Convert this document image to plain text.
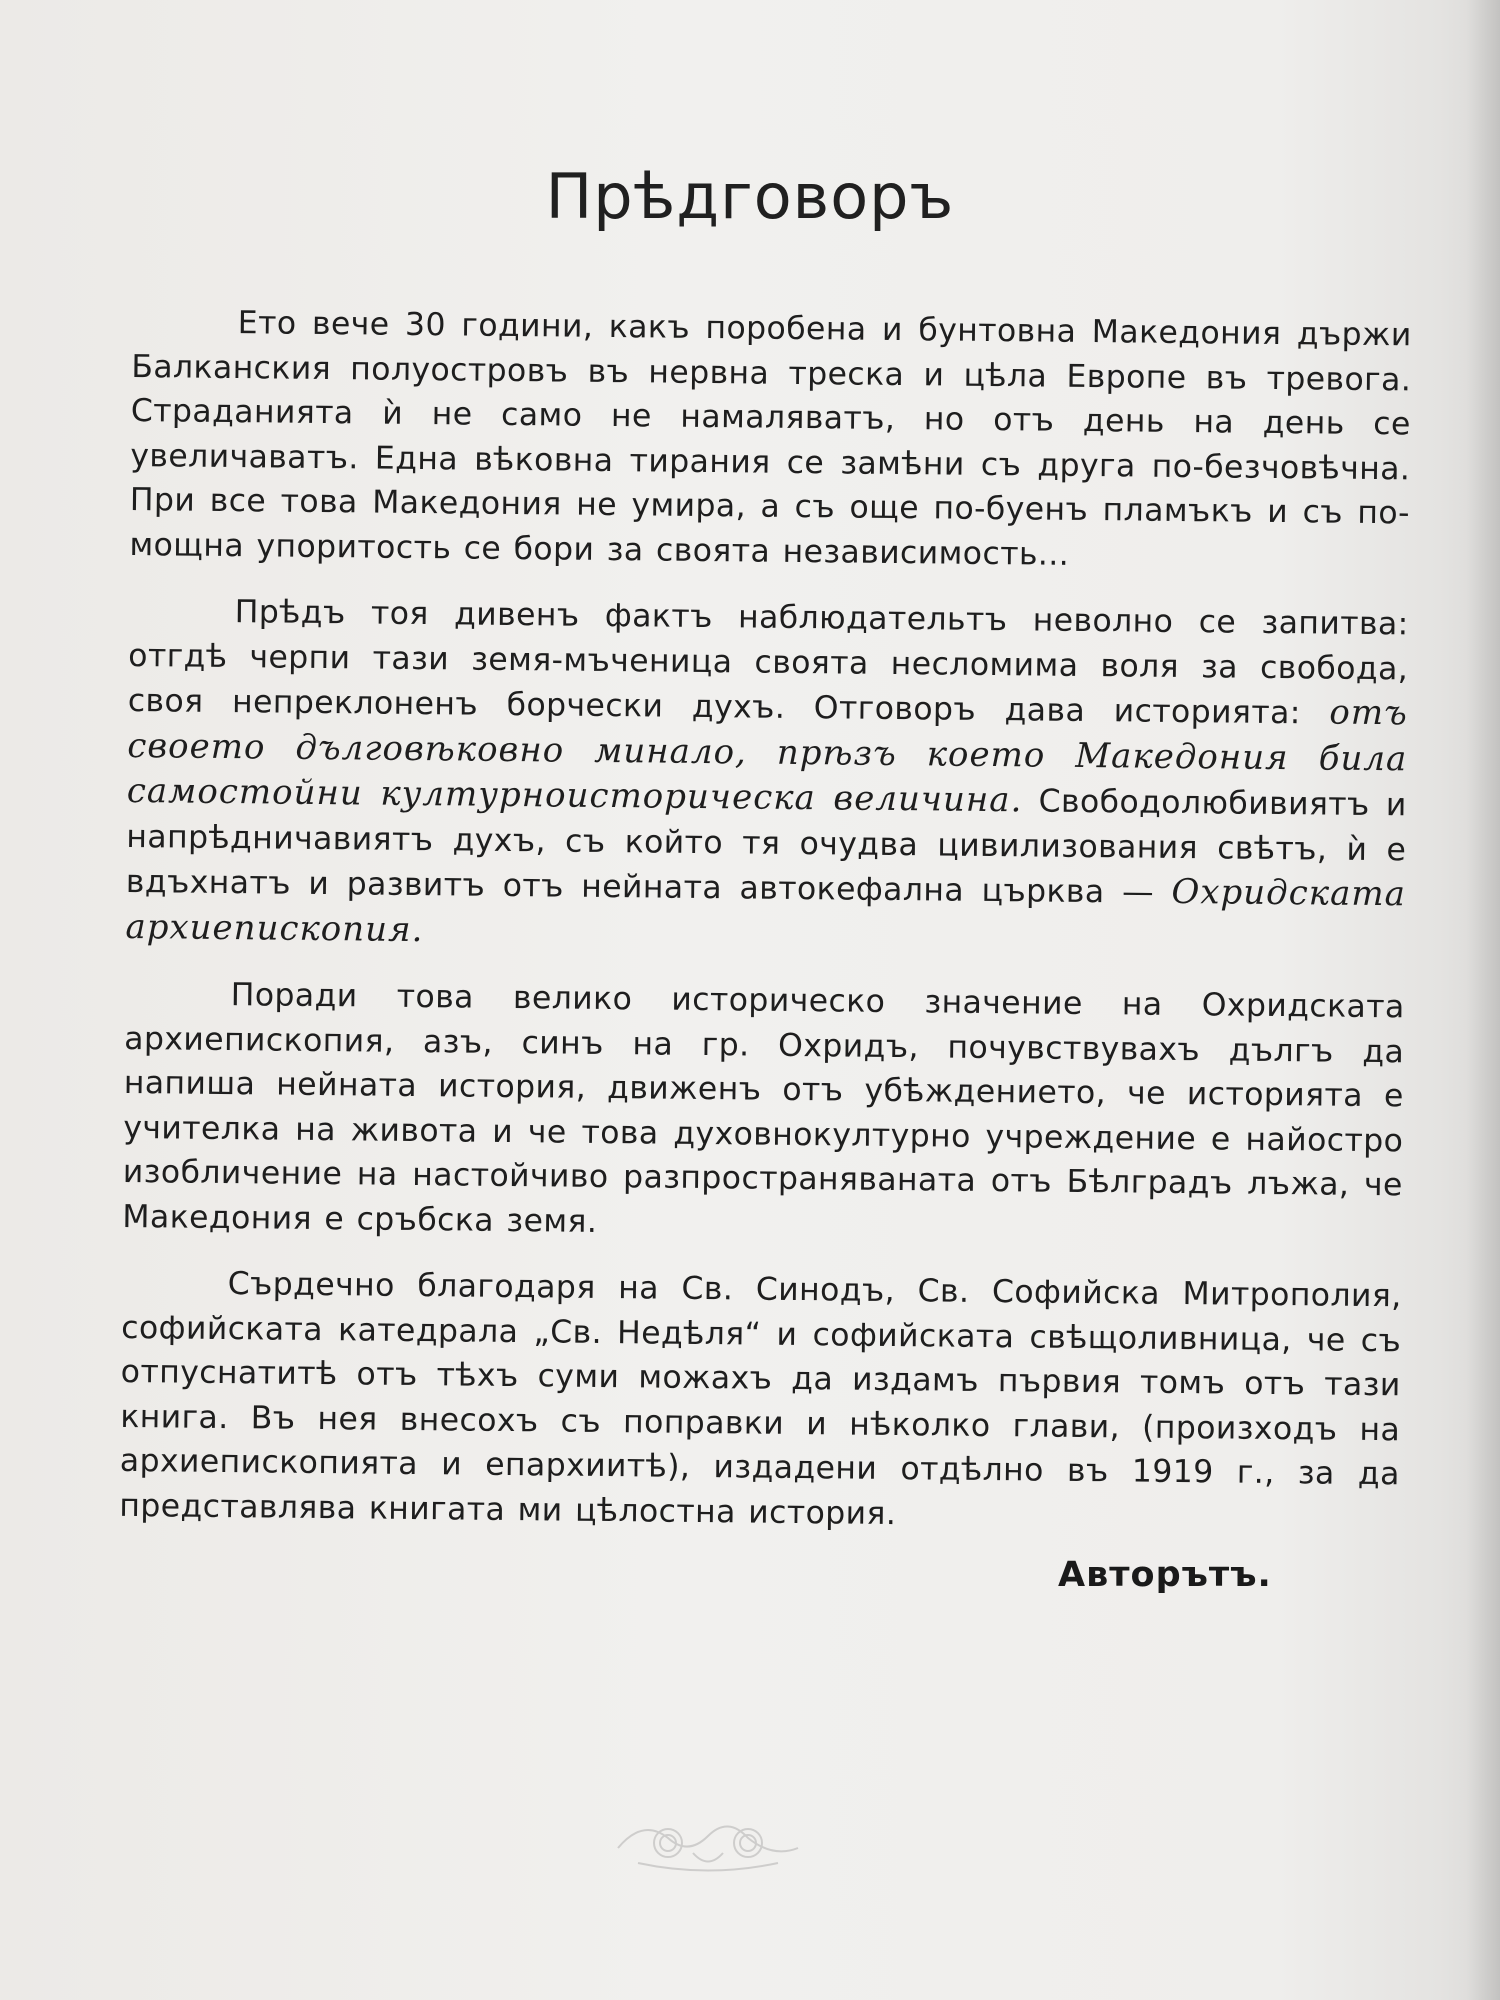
Прѣдговоръ

Ето вече 30 години, какъ поробена и бунтовна Македония държи Балканския полуостровъ въ нервна треска и цѣла Европе въ тревога. Страданията ѝ не само не намаляватъ, но отъ день на день се увеличаватъ. Една вѣковна тирания се замѣни съ друга по-безчовѣчна. При все това Македония не умира, а съ още по-буенъ пламъкъ и съ по-мощна упоритость се бори за своята независимость...

Прѣдъ тоя дивенъ фактъ наблюдательтъ неволно се запитва: отгдѣ черпи тази земя-мъченица своята несломима воля за свобода, своя непреклоненъ борчески духъ. Отговоръ дава историята: отъ своето дълговѣковно минало, прѣзъ което Македония била самостойни културноисторическа величина. Свободолюбивиятъ и напрѣдничавиятъ духъ, съ който тя очудва цивилизования свѣтъ, ѝ е вдъхнатъ и развитъ отъ нейната автокефална църква — Охридската архиепископия.

Поради това велико историческо значение на Охридската архиепископия, азъ, синъ на гр. Охридъ, почувствувахъ дългъ да напиша нейната история, движенъ отъ убѣждението, че историята е учителка на живота и че това духовнокултурно учреждение е найостро изобличение на настойчиво разпространяваната отъ Бѣлградъ лъжа, че Македония е сръбска земя.

Сърдечно благодаря на Св. Синодъ, Св. Софийска Митрополия, софийската катедрала „Св. Недѣля“ и софийската свѣщоливница, че съ отпуснатитѣ отъ тѣхъ суми можахъ да издамъ първия томъ отъ тази книга. Въ нея внесохъ съ поправки и нѣколко глави, (произходъ на архиепископията и епархиитѣ), издадени отдѣлно въ 1919 г., за да представлява книгата ми цѣлостна история.

Авторътъ.
